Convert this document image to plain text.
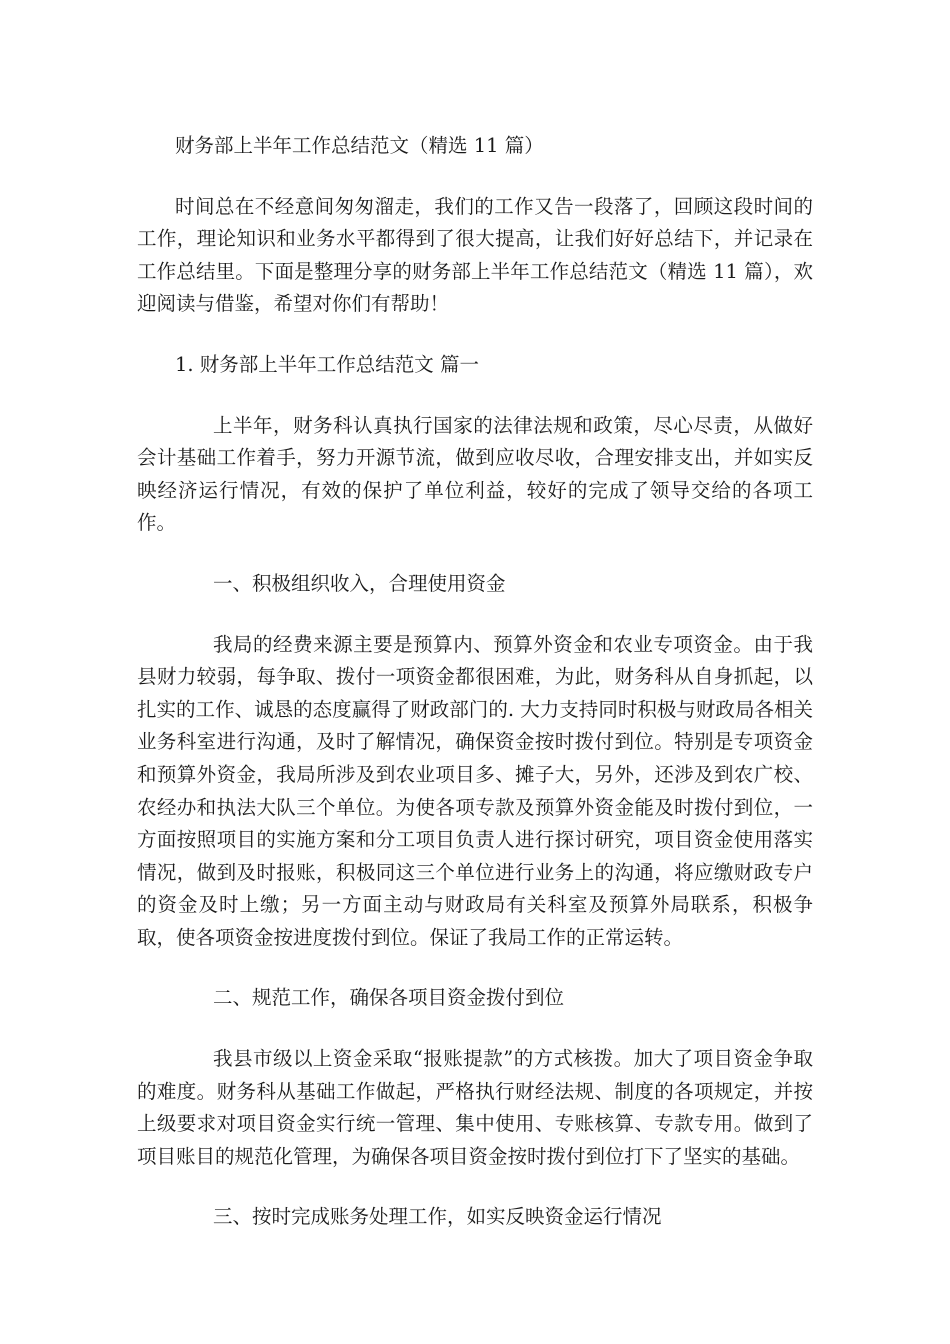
财务部上半年工作总结范文（精选 11 篇）

时间总在不经意间匆匆溜走，我们的工作又告一段落了，回顾这段时间的工作，理论知识和业务水平都得到了很大提高，让我们好好总结下，并记录在工作总结里。下面是整理分享的财务部上半年工作总结范文（精选 11 篇），欢迎阅读与借鉴，希望对你们有帮助！

1. 财务部上半年工作总结范文 篇一

上半年，财务科认真执行国家的法律法规和政策，尽心尽责，从做好会计基础工作着手，努力开源节流，做到应收尽收，合理安排支出，并如实反映经济运行情况，有效的保护了单位利益，较好的完成了领导交给的各项工作。

一、积极组织收入，合理使用资金

我局的经费来源主要是预算内、预算外资金和农业专项资金。由于我县财力较弱，每争取、拨付一项资金都很困难，为此，财务科从自身抓起，以扎实的工作、诚恳的态度赢得了财政部门的. 大力支持同时积极与财政局各相关业务科室进行沟通，及时了解情况，确保资金按时拨付到位。特别是专项资金和预算外资金，我局所涉及到农业项目多、摊子大，另外，还涉及到农广校、农经办和执法大队三个单位。为使各项专款及预算外资金能及时拨付到位，一方面按照项目的实施方案和分工项目负责人进行探讨研究，项目资金使用落实情况，做到及时报账，积极同这三个单位进行业务上的沟通，将应缴财政专户的资金及时上缴；另一方面主动与财政局有关科室及预算外局联系，积极争取，使各项资金按进度拨付到位。保证了我局工作的正常运转。

二、规范工作，确保各项目资金拨付到位

我县市级以上资金采取“报账提款”的方式核拨。加大了项目资金争取的难度。财务科从基础工作做起，严格执行财经法规、制度的各项规定，并按上级要求对项目资金实行统一管理、集中使用、专账核算、专款专用。做到了项目账目的规范化管理，为确保各项目资金按时拨付到位打下了坚实的基础。

三、按时完成账务处理工作，如实反映资金运行情况
